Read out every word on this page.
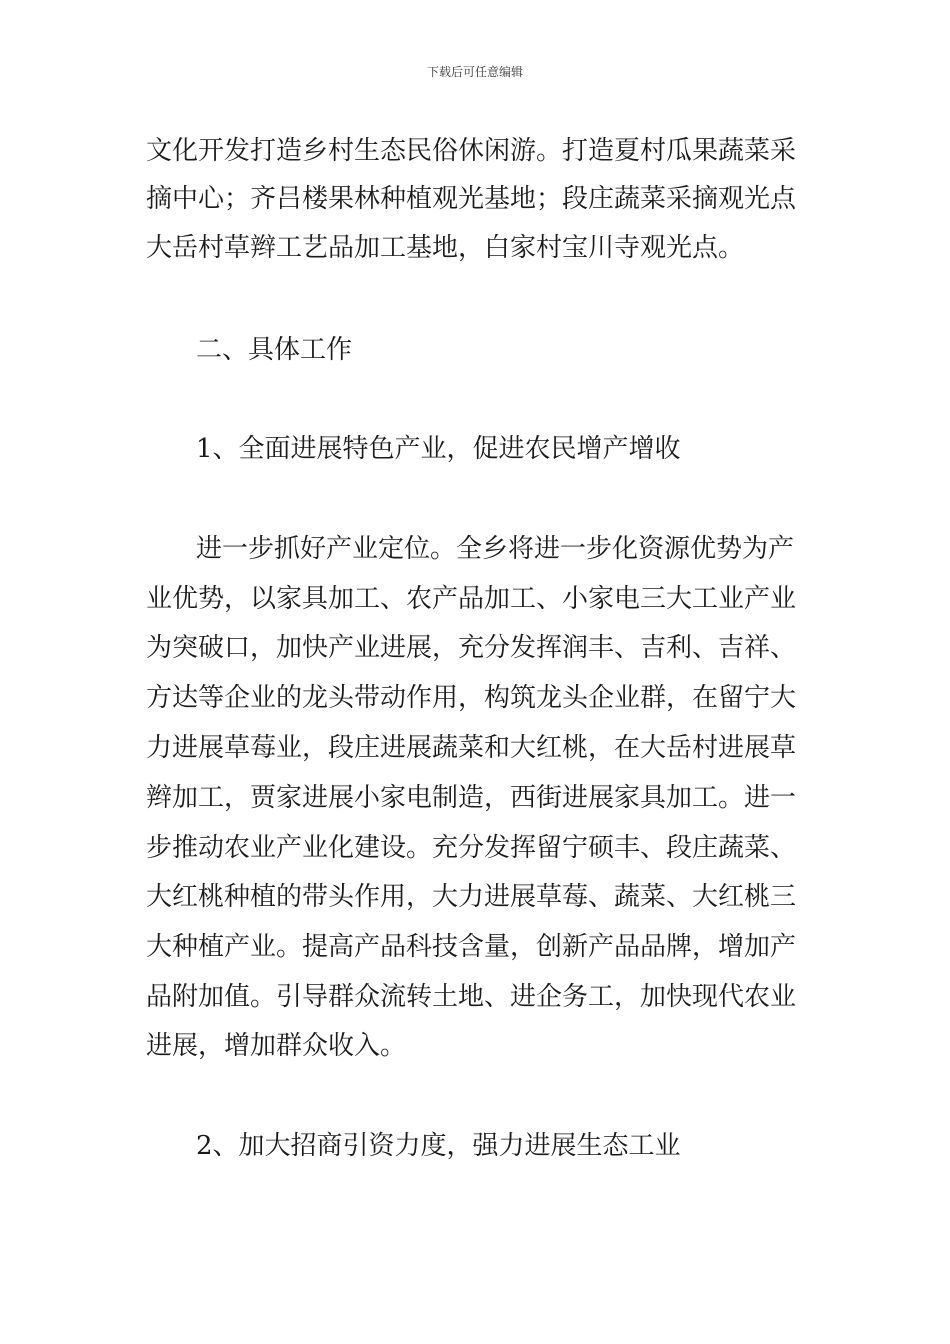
下载后可任意编辑
文化开发打造乡村生态民俗休闲游。打造夏村瓜果蔬菜采
摘中心；齐吕楼果林种植观光基地；段庄蔬菜采摘观光点
大岳村草辫工艺品加工基地，白家村宝川寺观光点。
二、具体工作
1、全面进展特色产业，促进农民增产增收
进一步抓好产业定位。全乡将进一步化资源优势为产
业优势，以家具加工、农产品加工、小家电三大工业产业
为突破口，加快产业进展，充分发挥润丰、吉利、吉祥、
方达等企业的龙头带动作用，构筑龙头企业群，在留宁大
力进展草莓业，段庄进展蔬菜和大红桃，在大岳村进展草
辫加工，贾家进展小家电制造，西街进展家具加工。进一
步推动农业产业化建设。充分发挥留宁硕丰、段庄蔬菜、
大红桃种植的带头作用，大力进展草莓、蔬菜、大红桃三
大种植产业。提高产品科技含量，创新产品品牌，增加产
品附加值。引导群众流转土地、进企务工，加快现代农业
进展，增加群众收入。
2、加大招商引资力度，强力进展生态工业
